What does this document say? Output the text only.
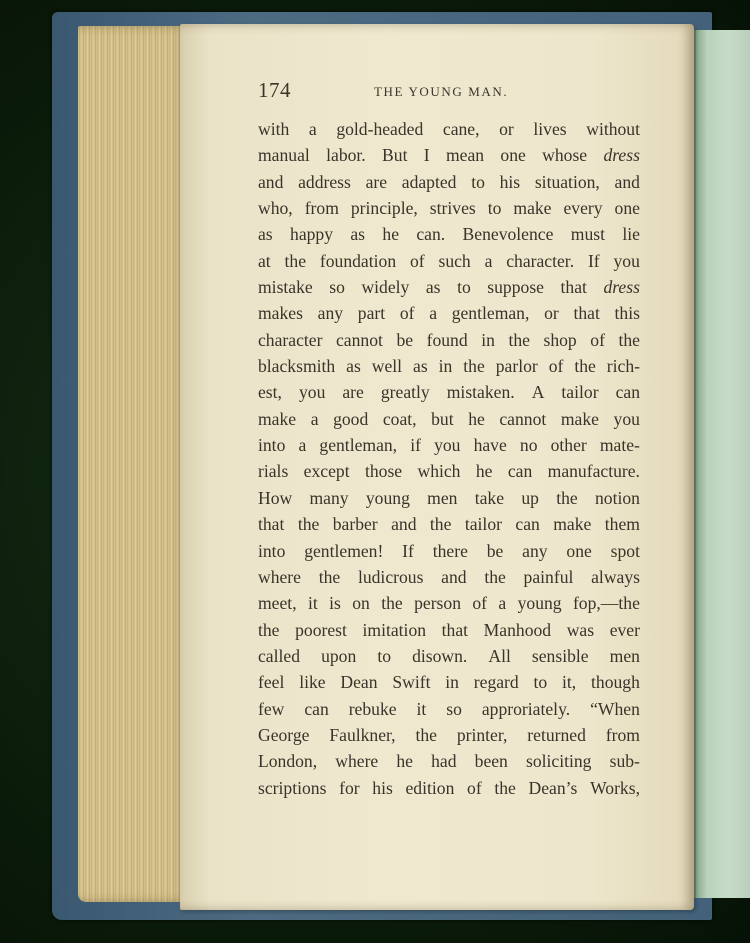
174	THE YOUNG MAN.
with a gold-headed cane, or lives without
manual labor. But I mean one whose dress
and address are adapted to his situation, and
who, from principle, strives to make every one
as happy as he can. Benevolence must lie
at the foundation of such a character. If you
mistake so widely as to suppose that dress
makes any part of a gentleman, or that this
character cannot be found in the shop of the
blacksmith as well as in the parlor of the rich-
est, you are greatly mistaken. A tailor can
make a good coat, but he cannot make you
into a gentleman, if you have no other mate-
rials except those which he can manufacture.
How many young men take up the notion
that the barber and the tailor can make them
into gentlemen! If there be any one spot
where the ludicrous and the painful always
meet, it is on the person of a young fop,—the
the poorest imitation that Manhood was ever
called upon to disown. All sensible men
feel like Dean Swift in regard to it, though
few can rebuke it so approriately. “When
George Faulkner, the printer, returned from
London, where he had been soliciting sub-
scriptions for his edition of the Dean’s Works,
